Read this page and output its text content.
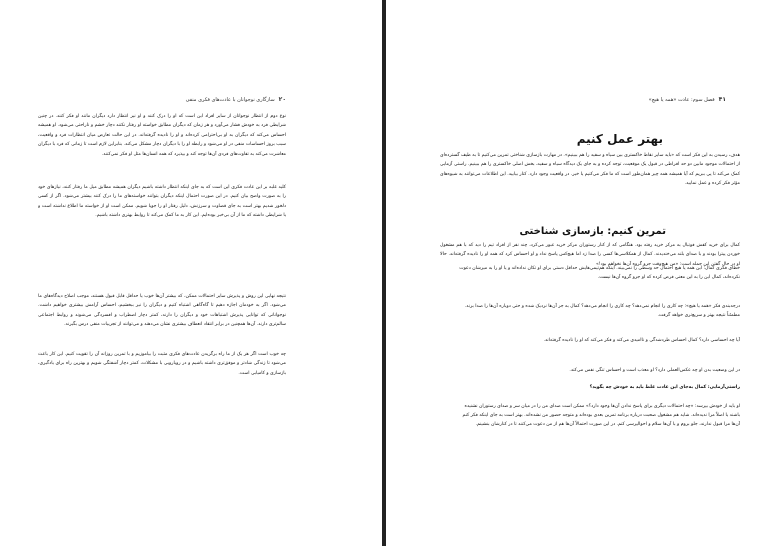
۲۰سازگاری نوجوانان با عادت‌های فکری منفی
نوع دوم از انتظار نوجوانان از سایر افراد این است که او را درک کنند و او نیز انتظار دارد دیگران مانند او فکر کنند. در چنین شرایطی فرد به خودش فشار می‌آورد و هر زمان که دیگران مطابق خواسته او رفتار نکنند دچار خشم و ناراحتی می‌شود. او همیشه احساس می‌کند که دیگران به او بی‌احترامی کرده‌اند و او را نادیده گرفته‌اند. در این حالت تعارض میان انتظارات فرد و واقعیت، سبب بروز احساسات منفی در او می‌شود و رابطه او را با دیگران دچار مشکل می‌کند. بنابراین لازم است تا زمانی که فرد با دیگران معاشرت می‌کند به تفاوت‌های فردی آن‌ها توجه کند و بپذیرد که همه انسان‌ها مثل او فکر نمی‌کنند.
کلید غلبه بر این عادت فکری این است که به جای اینکه انتظار داشته باشیم دیگران همیشه مطابق میل ما رفتار کنند، نیازهای خود را به صورت واضح بیان کنیم. در این صورت احتمال اینکه دیگران بتوانند خواسته‌های ما را درک کنند بیشتر می‌شود. اگر از کسی دلخور شدیم بهتر است به جای قضاوت و سرزنش، دلیل رفتار او را جویا شویم. ممکن است او از خواسته ما اطلاع نداشته است و یا شرایطی داشته که ما از آن بی‌خبر بوده‌ایم. این کار به ما کمک می‌کند تا روابط بهتری داشته باشیم.
نتیجه نهایی این روش و پذیرش سایر احتمالات ممکن، که بیشتر آن‌ها خوب یا حداقل قابل قبول هستند، موجب اصلاح دیدگاه‌های ما می‌شود. اگر به خودمان اجازه دهیم تا گاه‌گاهی اشتباه کنیم و دیگران را نیز ببخشیم، احساس آرامش بیشتری خواهیم داشت. نوجوانانی که توانایی پذیرش اشتباهات خود و دیگران را دارند، کمتر دچار اضطراب و افسردگی می‌شوند و روابط اجتماعی سالم‌تری دارند. آن‌ها همچنین در برابر انتقاد انعطاف بیشتری نشان می‌دهند و می‌توانند از تجربیات منفی درس بگیرند.
چه خوب است اگر هر یک از ما راه برگزیدن عادت‌های فکری مثبت را بیاموزیم و با تمرین روزانه آن را تقویت کنیم. این کار باعث می‌شود تا زندگی شادتر و موفق‌تری داشته باشیم و در رویارویی با مشکلات، کمتر دچار آشفتگی شویم و بهترین راه برای یادگیری، بازسازی و کامیابی است.
۴۱فصل سوم: عادت «همه یا هیچ»
بهتر عمل کنیم
هدف، رسیدن به این فکر است که «باید سایر نقاط خاکستری بین سیاه و سفید را هم ببینیم». در مهارت بازسازی شناختی تمرین می‌کنیم تا به طیف گسترده‌ای از احتمالات موجود مابین دو حد افراطی در قبول یک موقعیت، توجه کرده و به جای یک دیدگاه سیاه و سفید، بخش اصلی خاکستری را هم ببینیم. راستی آزمایی کمک می‌کند تا پی ببریم که آیا همیشه همه چیز همان‌طور است که ما فکر می‌کنیم یا خیر. در واقعیت وجود دارد. کنار بیایید. این اطلاعات می‌توانند به شیوه‌های مؤثر فکر کرده و عمل نمایید.
تمرین کنیم: بازسازی شناختی
کمال برای خرید کفش فوتبال به مرکز خرید رفته بود. هنگامی که از کنار رستوران مرکز خرید عبور می‌کرد، چند نفر از افراد تیم را دید که با هم مشغول خوردن پیتزا بودند و با صدای بلند می‌خندیدند. کمال از همکلاسی‌ها کسی را صدا زد اما هیچ‌کس پاسخ نداد و او احساس کرد که همه او را نادیده گرفته‌اند. حالا او در حال گفتن این جمله است: «من هیچ‌وقت جزو گروه آن‌ها نخواهم بود!»
خطای فکری کمال: این همه یا هیچ احتمال حد وسطی را نمی‌بیند. اینکه هم‌تیمی‌هایش حداقل دستی برای او تکان نداده‌اند و یا او را به میزشان دعوت نکرده‌اند، کمال این را به این معنی فرض کرده که او جزو گروه آن‌ها نیست.
درجه‌بندی فکر «همه یا هیچ»: چه کاری را انجام نمی‌دهد؟ چه کاری را انجام می‌دهد؟ کمال به جز آن‌ها نزدیک شده و حتی دوباره آن‌ها را صدا بزند. مطمئناً نتیجه بهتر و سریع‌تری خواهد گرفت.
آیا چه احساسی دارد؟ کمال احساس طردشدگی و ناامیدی می‌کند و فکر می‌کند که او را نادیده گرفته‌اند.
در این وضعیت بدن او چه عکس‌العملی دارد؟ او معذب است و احساس تنگی نفس می‌کند.
راستی‌آزمایی: کمال به‌جای این عادت غلط باید به خودش چه بگوید؟
او باید از خودش بپرسد: «چه احتمالات دیگری برای پاسخ ندادن آن‌ها وجود دارد؟» ممکن است صدای من را در میان سر و صدای رستوران نشنیده باشند یا اصلاً مرا ندیده‌اند. شاید هم مشغول صحبت درباره برنامه تمرین بعدی بوده‌اند و متوجه حضور من نشده‌اند. بهتر است به جای اینکه فکر کنم آن‌ها مرا قبول ندارند، جلو بروم و با آن‌ها سلام و احوالپرسی کنم. در این صورت احتمالاً آن‌ها هم از من دعوت می‌کنند تا در کنارشان بنشینم.
